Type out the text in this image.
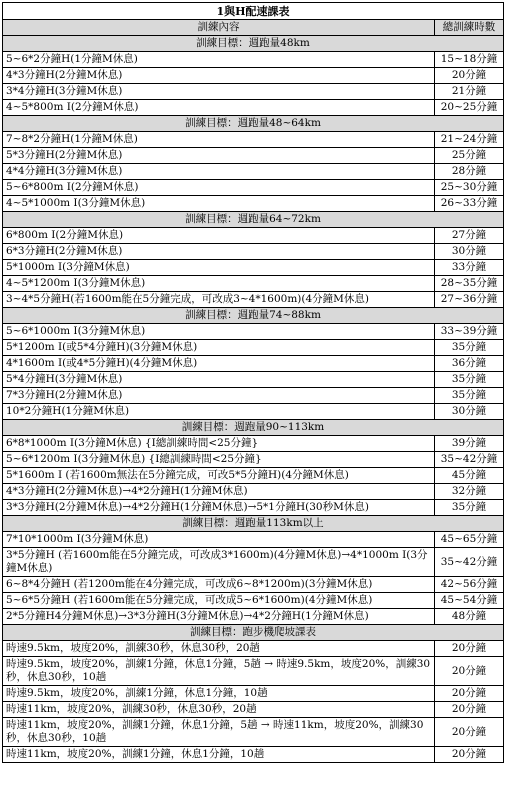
1與H配速課表	
訓練內容	總訓練時數
訓練目標：週跑量48km	
5~6*2分鐘H(1分鐘M休息)	15~18分鐘
4*3分鐘H(2分鐘M休息)	20分鐘
3*4分鐘H(3分鐘M休息)	21分鐘
4~5*800m I(2分鐘M休息)	20~25分鐘
訓練目標：週跑量48~64km	
7~8*2分鐘H(1分鐘M休息)	21~24分鐘
5*3分鐘H(2分鐘M休息)	25分鐘
4*4分鐘H(3分鐘M休息)	28分鐘
5~6*800m I(2分鐘M休息)	25~30分鐘
4~5*1000m I(3分鐘M休息)	26~33分鐘
訓練目標：週跑量64~72km	
6*800m I(2分鐘M休息)	27分鐘
6*3分鐘H(2分鐘M休息)	30分鐘
5*1000m I(3分鐘M休息)	33分鐘
4~5*1200m I(3分鐘M休息)	28~35分鐘
3~4*5分鐘H(若1600m能在5分鐘完成，可改成3~4*1600m)(4分鐘M休息)	27~36分鐘
訓練目標：週跑量74~88km	
5~6*1000m I(3分鐘M休息)	33~39分鐘
5*1200m I(或5*4分鐘H)(3分鐘M休息)	35分鐘
4*1600m I(或4*5分鐘H)(4分鐘M休息)	36分鐘
5*4分鐘H(3分鐘M休息)	35分鐘
7*3分鐘H(2分鐘M休息)	35分鐘
10*2分鐘H(1分鐘M休息)	30分鐘
訓練目標：週跑量90~113km	
6*8*1000m I(3分鐘M休息) {I總訓練時間<25分鐘}	39分鐘
5~6*1200m I(3分鐘M休息) {I總訓練時間<25分鐘}	35~42分鐘
5*1600m I (若1600m無法在5分鐘完成，可改5*5分鐘H)(4分鐘M休息)	45分鐘
4*3分鐘H(2分鐘M休息)→4*2分鐘H(1分鐘M休息)	32分鐘
3*3分鐘H(2分鐘M休息)→4*2分鐘H(1分鐘M休息)→5*1分鐘H(30秒M休息)	35分鐘
訓練目標：週跑量113km以上	
7*10*1000m I(3分鐘M休息)	45~65分鐘
3*5分鐘H (若1600m能在5分鐘完成，可改成3*1600m)(4分鐘M休息)→4*1000m I(3分鐘M休息)	35~42分鐘
6~8*4分鐘H (若1200m能在4分鐘完成，可改成6~8*1200m)(3分鐘M休息)	42~56分鐘
5~6*5分鐘H (若1600m能在5分鐘完成，可改成5~6*1600m)(4分鐘M休息)	45~54分鐘
2*5分鐘H4分鐘M休息)→3*3分鐘H(3分鐘M休息)→4*2分鐘H(1分鐘M休息)	48分鐘
訓練目標：跑步機爬坡課表	
時速9.5km，坡度20%，訓練30秒，休息30秒，20趟	20分鐘
時速9.5km，坡度20%，訓練1分鐘，休息1分鐘，5趟 → 時速9.5km，坡度20%，訓練30秒，休息30秒，10趟	20分鐘
時速9.5km，坡度20%，訓練1分鐘，休息1分鐘，10趟	20分鐘
時速11km，坡度20%，訓練30秒，休息30秒，20趟	20分鐘
時速11km，坡度20%，訓練1分鐘，休息1分鐘，5趟 → 時速11km，坡度20%，訓練30秒，休息30秒，10趟	20分鐘
時速11km，坡度20%，訓練1分鐘，休息1分鐘，10趟	20分鐘
